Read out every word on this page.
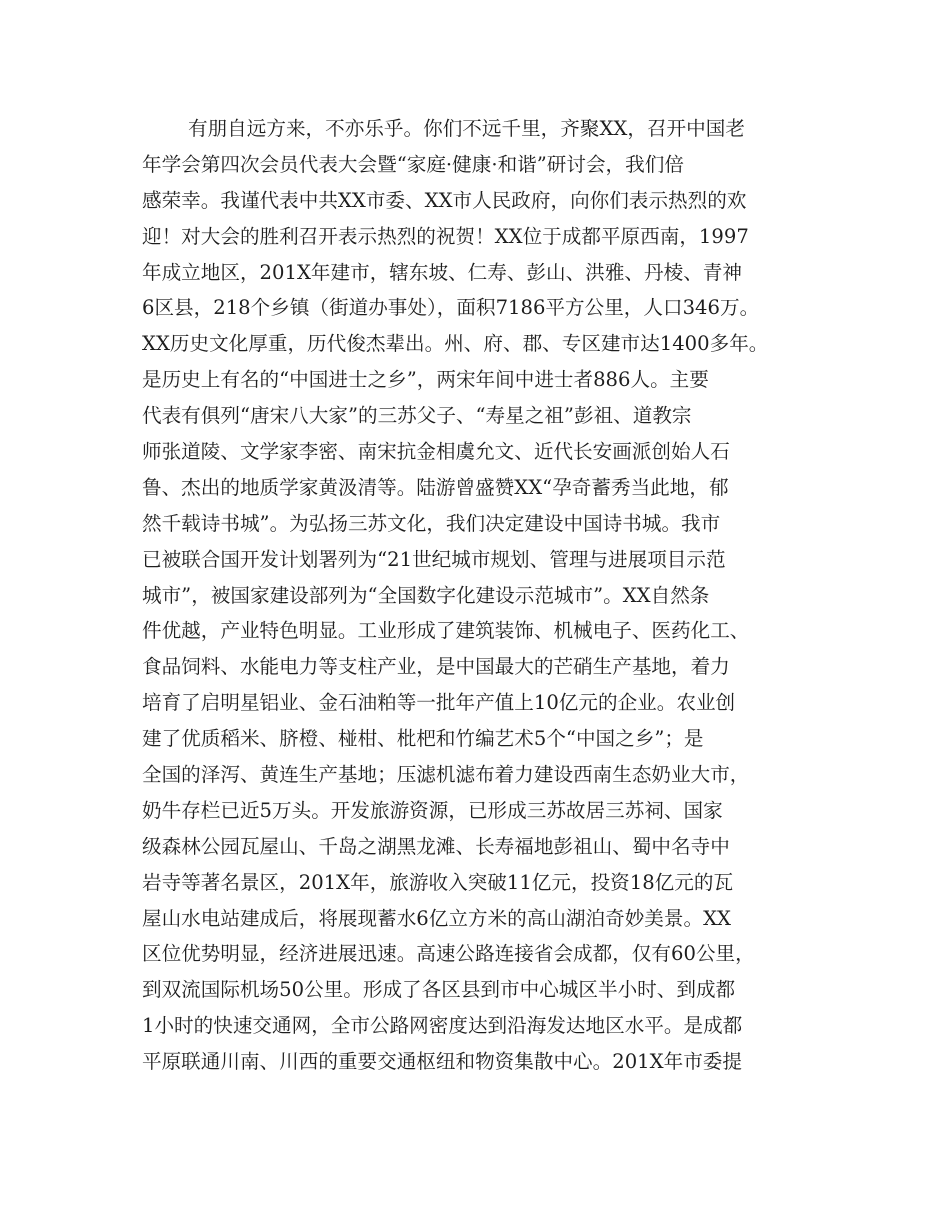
有朋自远方来，不亦乐乎。你们不远千里，齐聚XX，召开中国老
年学会第四次会员代表大会暨“家庭·健康·和谐”研讨会，我们倍
感荣幸。我谨代表中共XX市委、XX市人民政府，向你们表示热烈的欢
迎！对大会的胜利召开表示热烈的祝贺！XX位于成都平原西南，1997
年成立地区，201X年建市，辖东坡、仁寿、彭山、洪雅、丹棱、青神
6区县，218个乡镇（街道办事处），面积7186平方公里，人口346万。
XX历史文化厚重，历代俊杰辈出。州、府、郡、专区建市达1400多年。
是历史上有名的“中国进士之乡”，两宋年间中进士者886人。主要
代表有俱列“唐宋八大家”的三苏父子、“寿星之祖”彭祖、道教宗
师张道陵、文学家李密、南宋抗金相虞允文、近代长安画派创始人石
鲁、杰出的地质学家黄汲清等。陆游曾盛赞XX“孕奇蓄秀当此地，郁
然千载诗书城”。为弘扬三苏文化，我们决定建设中国诗书城。我市
已被联合国开发计划署列为“21世纪城市规划、管理与进展项目示范
城市”，被国家建设部列为“全国数字化建设示范城市”。XX自然条
件优越，产业特色明显。工业形成了建筑装饰、机械电子、医药化工、
食品饲料、水能电力等支柱产业，是中国最大的芒硝生产基地，着力
培育了启明星铝业、金石油粕等一批年产值上10亿元的企业。农业创
建了优质稻米、脐橙、椪柑、枇杷和竹编艺术5个“中国之乡”；是
全国的泽泻、黄连生产基地；压滤机滤布着力建设西南生态奶业大市，
奶牛存栏已近5万头。开发旅游资源，已形成三苏故居三苏祠、国家
级森林公园瓦屋山、千岛之湖黑龙滩、长寿福地彭祖山、蜀中名寺中
岩寺等著名景区，201X年，旅游收入突破11亿元，投资18亿元的瓦
屋山水电站建成后，将展现蓄水6亿立方米的高山湖泊奇妙美景。XX
区位优势明显，经济进展迅速。高速公路连接省会成都，仅有60公里，
到双流国际机场50公里。形成了各区县到市中心城区半小时、到成都
1小时的快速交通网，全市公路网密度达到沿海发达地区水平。是成都
平原联通川南、川西的重要交通枢纽和物资集散中心。201X年市委提
